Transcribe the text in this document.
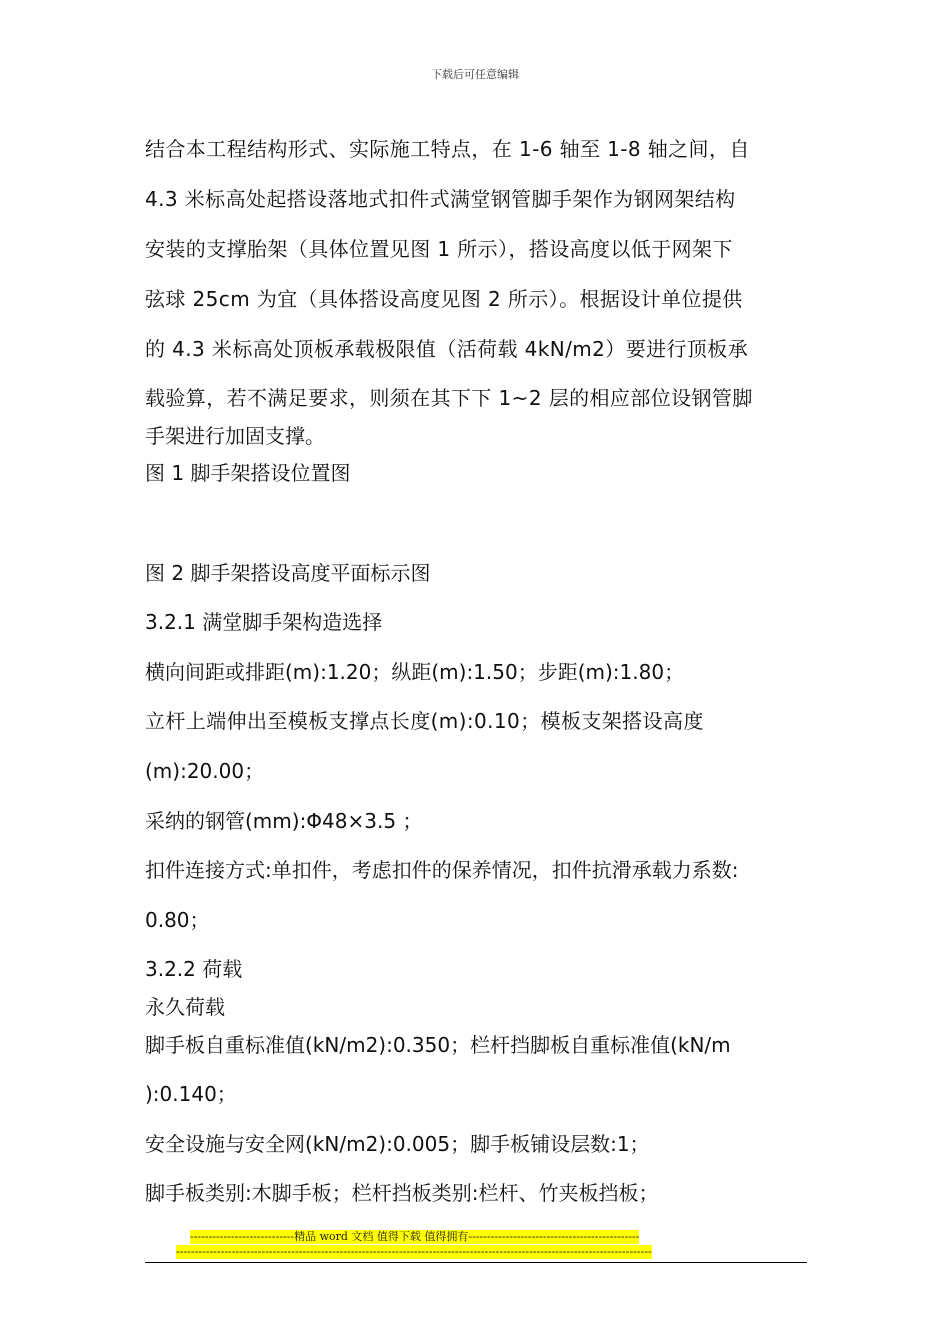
下载后可任意编辑
结合本工程结构形式、实际施工特点，在 1-6 轴至 1-8 轴之间，自
4.3 米标高处起搭设落地式扣件式满堂钢管脚手架作为钢网架结构
安装的支撑胎架（具体位置见图 1 所示），搭设高度以低于网架下
弦球 25cm 为宜（具体搭设高度见图 2 所示）。根据设计单位提供
的 4.3 米标高处顶板承载极限值（活荷载 4kN/m2）要进行顶板承
载验算，若不满足要求，则须在其下下 1~2 层的相应部位设钢管脚
手架进行加固支撑。
图 1 脚手架搭设位置图
图 2 脚手架搭设高度平面标示图
3.2.1 满堂脚手架构造选择
横向间距或排距(m):1.20；纵距(m):1.50；步距(m):1.80；
立杆上端伸出至模板支撑点长度(m):0.10；模板支架搭设高度
(m):20.00；
采纳的钢管(mm):Φ48×3.5 ；
扣件连接方式:单扣件，考虑扣件的保养情况，扣件抗滑承载力系数:
0.80；
3.2.2 荷载
永久荷载
脚手板自重标准值(kN/m2):0.350；栏杆挡脚板自重标准值(kN/m
):0.140；
安全设施与安全网(kN/m2):0.005；脚手板铺设层数:1；
脚手板类别:木脚手板；栏杆挡板类别:栏杆、竹夹板挡板；
----------------------------精品 word 文档 值得下载 值得拥有----------------------------------------------
--------------------------------------------------------------------------------------------------------------------------------
